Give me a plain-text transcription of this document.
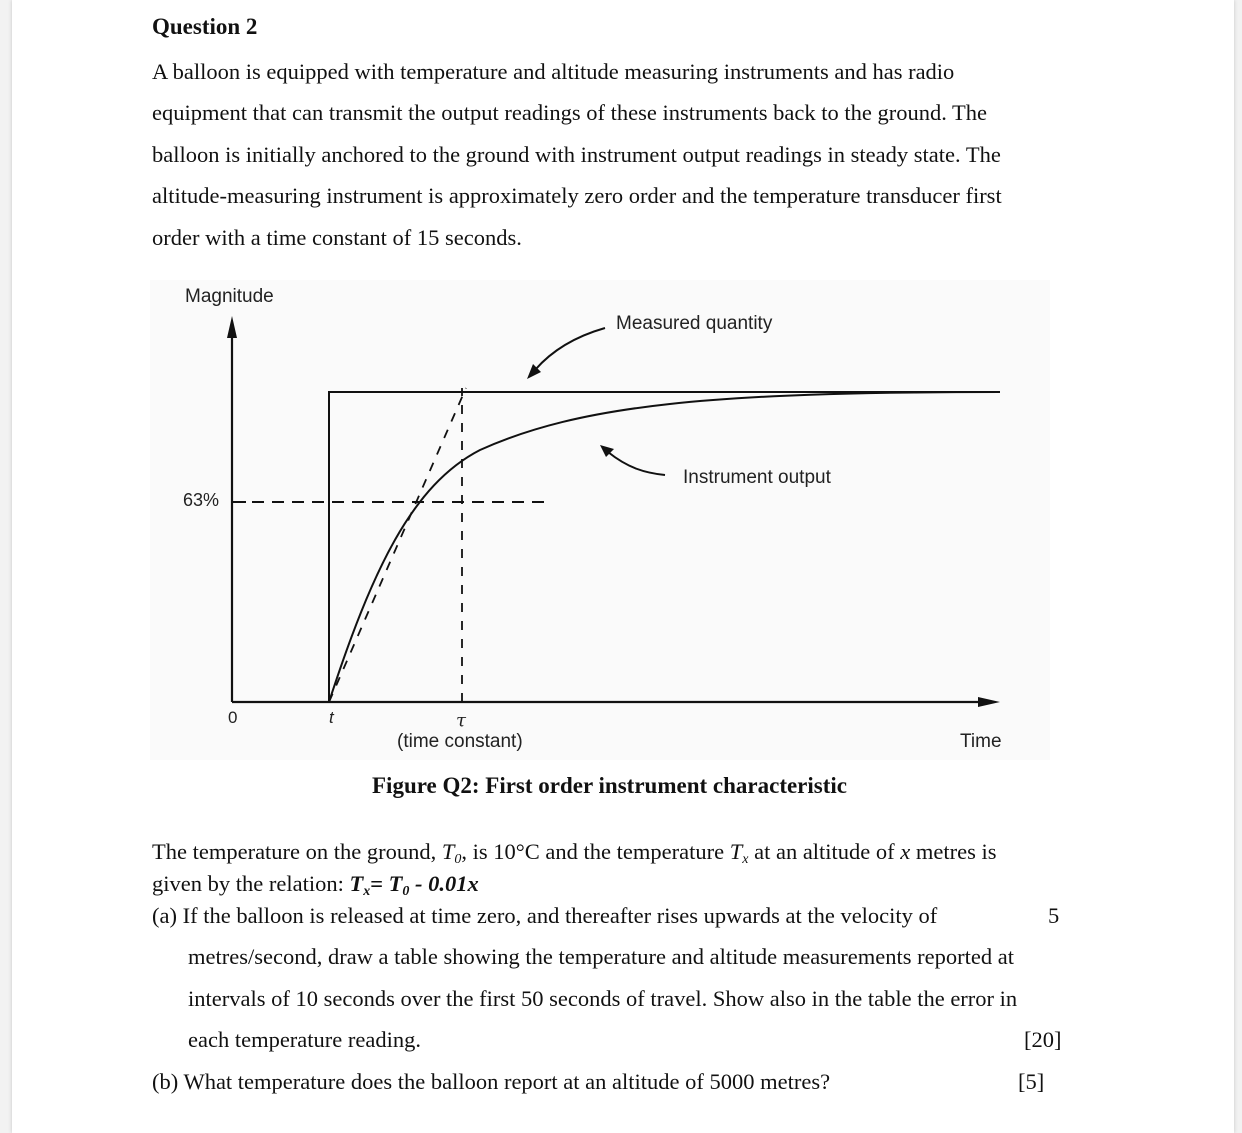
Question 2
A balloon is equipped with temperature and altitude measuring instruments and has radio
equipment that can transmit the output readings of these instruments back to the ground. The
balloon is initially anchored to the ground with instrument output readings in steady state. The
altitude-measuring instrument is approximately zero order and the temperature transducer first
order with a time constant of 15 seconds.
Magnitude
63%
0	t	τ
(time constant)	Time
Measured quantity
Instrument output
Figure Q2: First order instrument characteristic
The temperature on the ground, $T_0$, is 10°C and the temperature $T_x$ at an altitude of x metres is
given by the relation: $T_x= T_0 - 0.01x$
(a) If the balloon is released at time zero, and thereafter rises upwards at the velocity of	5
metres/second, draw a table showing the temperature and altitude measurements reported at
intervals of 10 seconds over the first 50 seconds of travel. Show also in the table the error in
each temperature reading.	[20]
(b) What temperature does the balloon report at an altitude of 5000 metres?	[5]
